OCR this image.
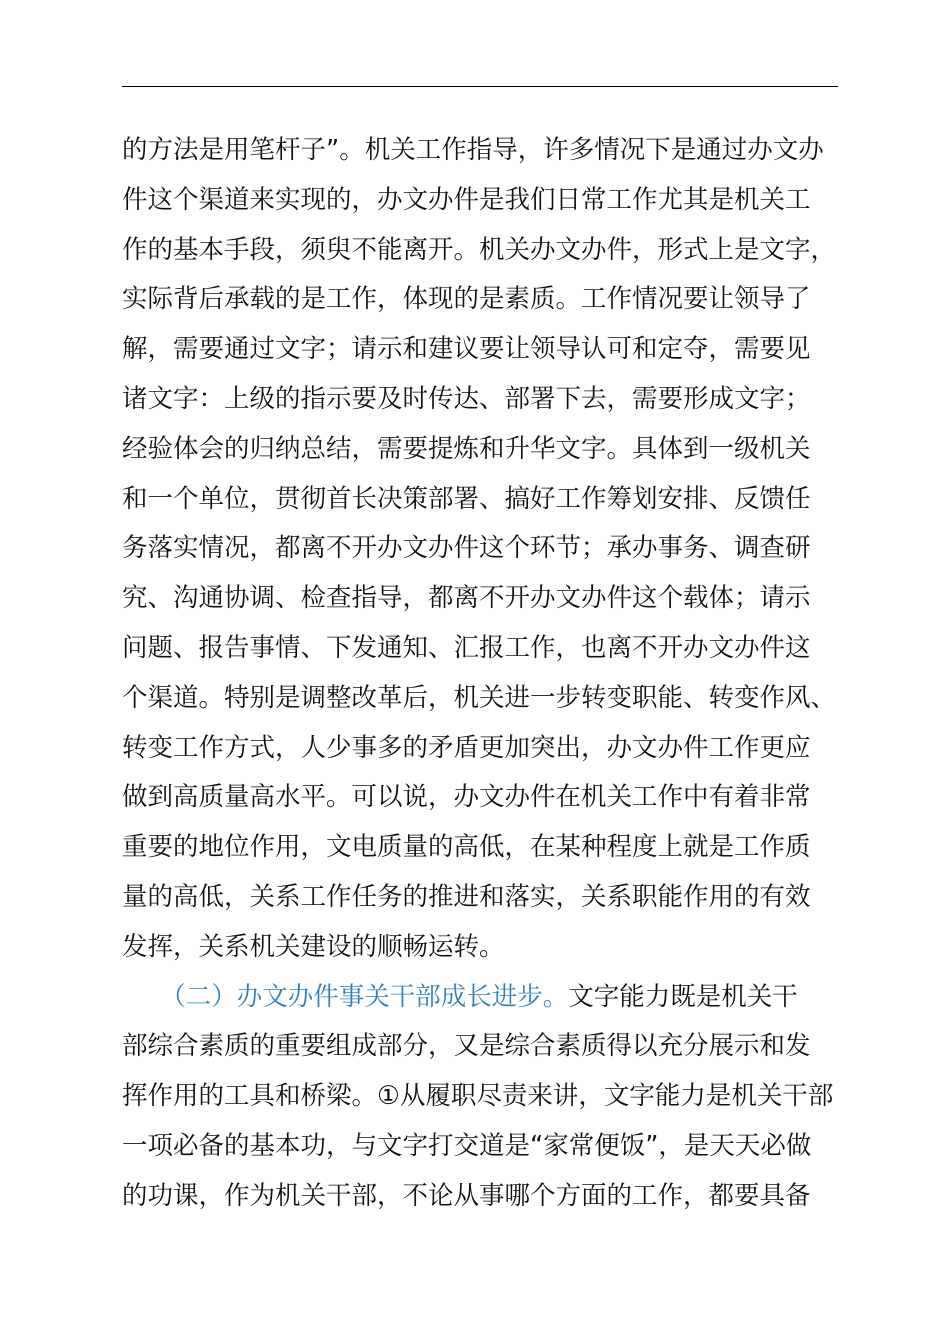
的方法是用笔杆子”。机关工作指导，许多情况下是通过办文办
件这个渠道来实现的，办文办件是我们日常工作尤其是机关工
作的基本手段，须臾不能离开。机关办文办件，形式上是文字，
实际背后承载的是工作，体现的是素质。工作情况要让领导了
解，需要通过文字；请示和建议要让领导认可和定夺，需要见
诸文字：上级的指示要及时传达、部署下去，需要形成文字；
经验体会的归纳总结，需要提炼和升华文字。具体到一级机关
和一个单位，贯彻首长决策部署、搞好工作筹划安排、反馈任
务落实情况，都离不开办文办件这个环节；承办事务、调查研
究、沟通协调、检查指导，都离不开办文办件这个载体；请示
问题、报告事情、下发通知、汇报工作，也离不开办文办件这
个渠道。特别是调整改革后，机关进一步转变职能、转变作风、
转变工作方式，人少事多的矛盾更加突出，办文办件工作更应
做到高质量高水平。可以说，办文办件在机关工作中有着非常
重要的地位作用，文电质量的高低，在某种程度上就是工作质
量的高低，关系工作任务的推进和落实，关系职能作用的有效
发挥，关系机关建设的顺畅运转。
　　（二）办文办件事关干部成长进步。文字能力既是机关干
部综合素质的重要组成部分，又是综合素质得以充分展示和发
挥作用的工具和桥梁。①从履职尽责来讲，文字能力是机关干部
一项必备的基本功，与文字打交道是“家常便饭”，是天天必做
的功课，作为机关干部，不论从事哪个方面的工作，都要具备
